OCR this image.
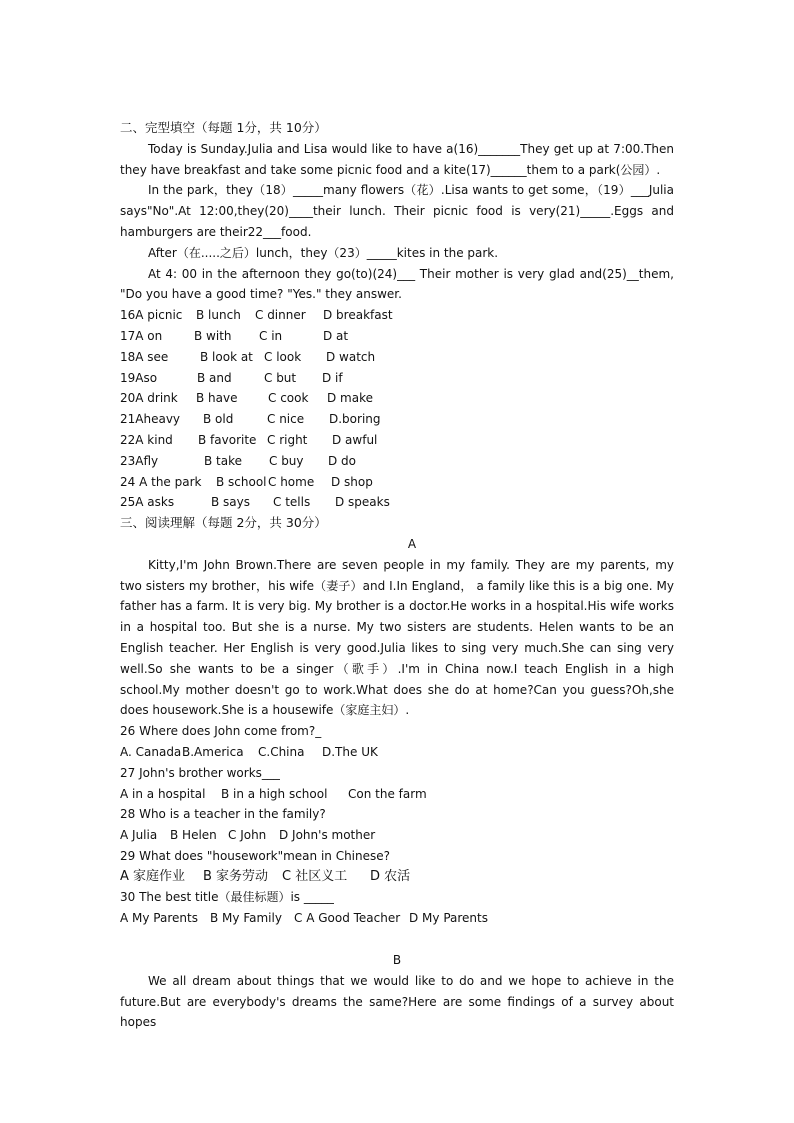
二、完型填空（每题 1分，共 10分）

Today is Sunday.Julia and Lisa would like to have a(16)_______They get up at 7:00.Then they have breakfast and take some picnic food and a kite(17)______them to a park(公园）.

In the park，they（18）_____many flowers（花）.Lisa wants to get some，（19）___Julia says"No".At 12:00,they(20)____their lunch. Their picnic food is very(21)_____.Eggs and hamburgers are their22___food.

After（在.....之后）lunch，they（23）_____kites in the park.

At 4: 00 in the afternoon they go(to)(24)___ Their mother is very glad and(25)__them, "Do you have a good time? "Yes." they answer.

16A picnic	B lunch	C dinner	D breakfast
17A on	B with	C in	D at
18A see	B look at C look	D watch
19Aso	B and	C but	D if
20A drink	B have	C cook	D make
21Aheavy	B old	C nice	D.boring
22A kind	B favorite C right	D awful
23Afly	B take	C buy	D do
24 A the park	B school C home	D shop
25A asks	B says	C tells	D speaks

三、阅读理解（每题 2分，共 30分）

A

Kitty,I'm John Brown.There are seven people in my family. They are my parents, my two sisters my brother，his wife（妻子）and I.In England， a family like this is a big one. My father has a farm. It is very big. My brother is a doctor.He works in a hospital.His wife works in a hospital too. But she is a nurse. My two sisters are students. Helen wants to be an English teacher. Her English is very good.Julia likes to sing very much.She can sing very well.So she wants to be a singer（歌手）.I'm in China now.I teach English in a high school.My mother doesn't go to work.What does she do at home?Can you guess?Oh,she does housework.She is a housewife（家庭主妇）.

26 Where does John come from?_

A. Canada B.America	C.China	D.The UK

27 John's brother works___

A in a hospital	B in a high school	Con the farm

28 Who is a teacher in the family?

A Julia	B Helen C John	D John's mother

29 What does "housework"mean in Chinese?

A 家庭作业	B 家务劳动	C 社区义工	D 农活

30 The best title（最佳标题）is _____

A My Parents	B My Family	C A Good Teacher D My Parents

B

We all dream about things that we would like to do and we hope to achieve in the future.But are everybody's dreams the same?Here are some findings of a survey about hopes
